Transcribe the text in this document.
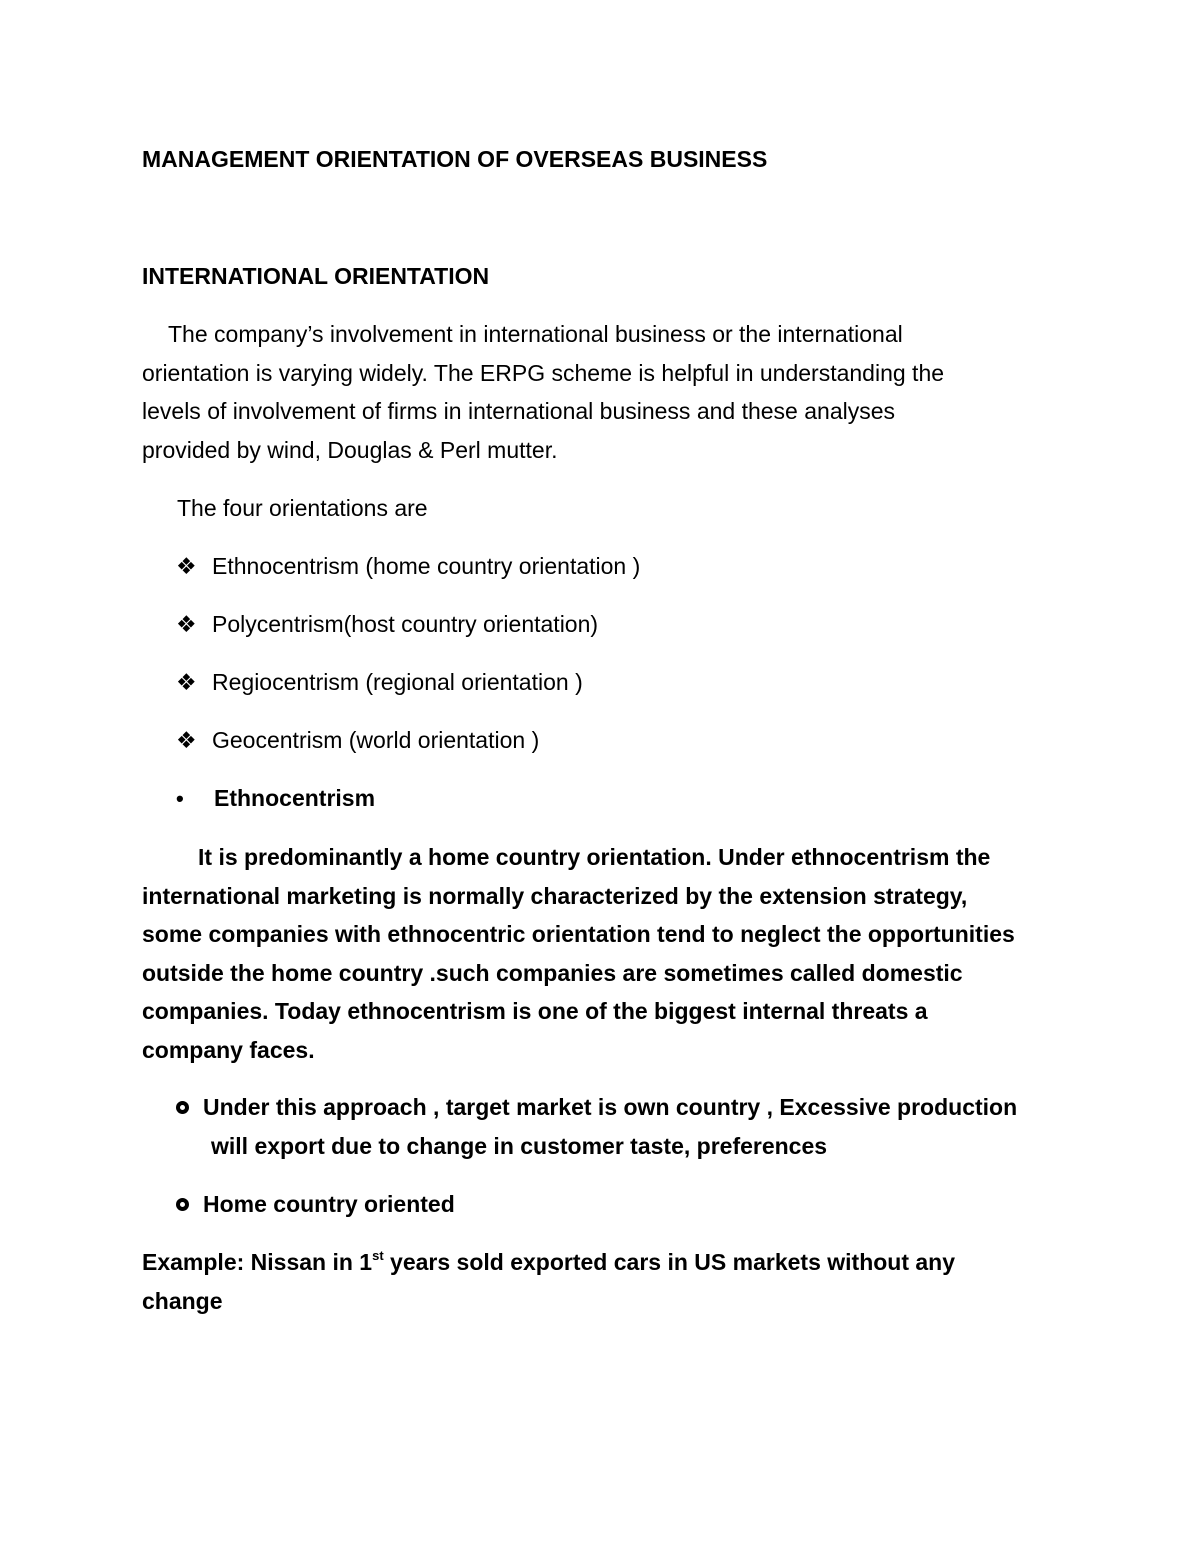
MANAGEMENT ORIENTATION OF OVERSEAS BUSINESS
INTERNATIONAL ORIENTATION
The company’s involvement in international business or the international
orientation is varying widely. The ERPG scheme is helpful in understanding the
levels of involvement of firms in international business and these analyses
provided by wind, Douglas & Perl mutter.
The four orientations are
❖ Ethnocentrism (home country orientation )
❖ Polycentrism(host country orientation)
❖ Regiocentrism (regional orientation )
❖ Geocentrism (world orientation )
• Ethnocentrism
It is predominantly a home country orientation. Under ethnocentrism the
international marketing is normally characterized by the extension strategy,
some companies with ethnocentric orientation tend to neglect the opportunities
outside the home country .such companies are sometimes called domestic
companies. Today ethnocentrism is one of the biggest internal threats a
company faces.
Under this approach , target market is own country , Excessive production
will export due to change in customer taste, preferences
Home country oriented
Example: Nissan in 1st years sold exported cars in US markets without any
change
